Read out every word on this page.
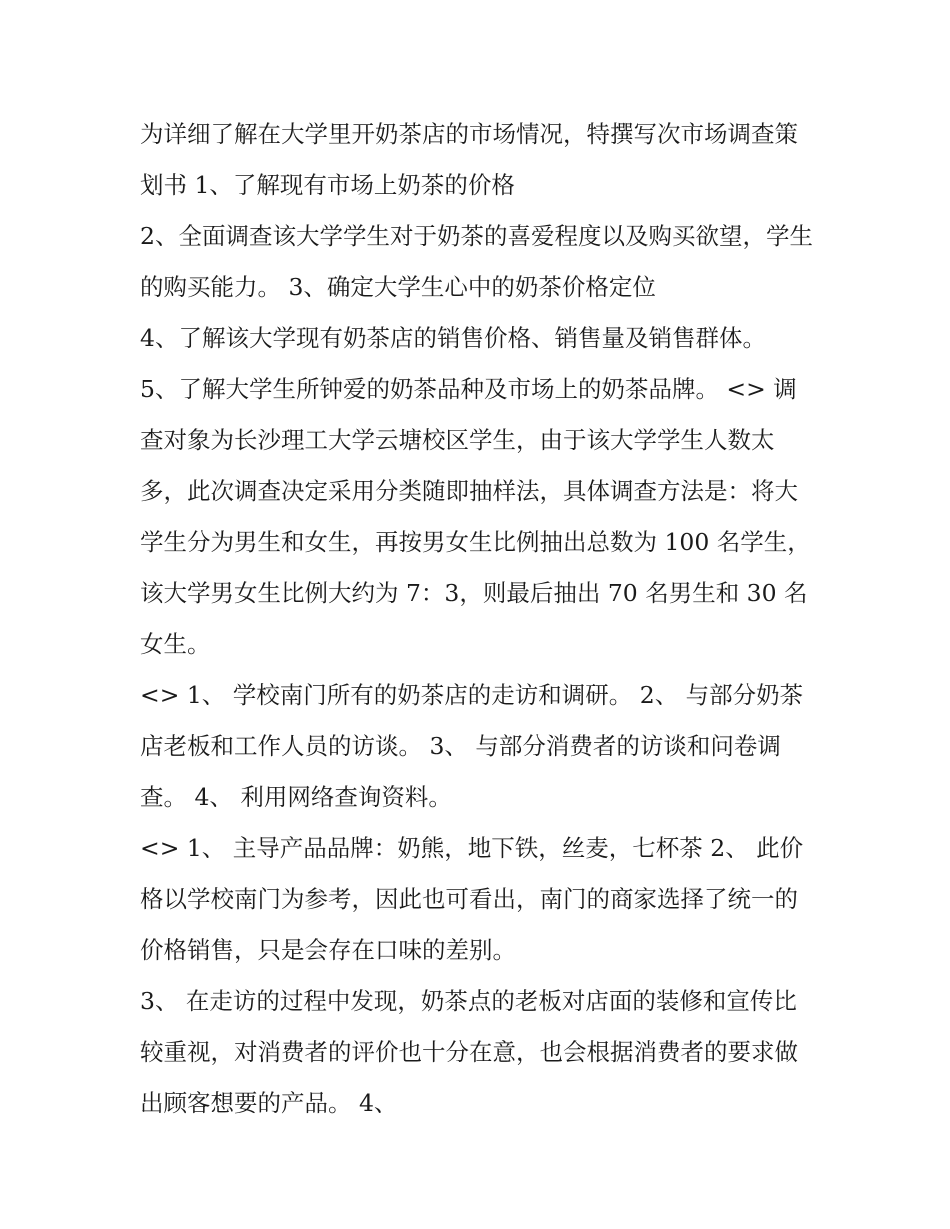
为详细了解在大学里开奶茶店的市场情况，特撰写次市场调查策划书 1、了解现有市场上奶茶的价格

2、全面调查该大学学生对于奶茶的喜爱程度以及购买欲望，学生的购买能力。 3、确定大学生心中的奶茶价格定位

4、了解该大学现有奶茶店的销售价格、销售量及销售群体。

5、了解大学生所钟爱的奶茶品种及市场上的奶茶品牌。 <> 调查对象为长沙理工大学云塘校区学生，由于该大学学生人数太多，此次调查决定采用分类随即抽样法，具体调查方法是：将大学生分为男生和女生，再按男女生比例抽出总数为 100 名学生，该大学男女生比例大约为 7：3，则最后抽出 70 名男生和 30 名女生。

<> 1、 学校南门所有的奶茶店的走访和调研。 2、 与部分奶茶店老板和工作人员的访谈。 3、 与部分消费者的访谈和问卷调查。 4、 利用网络查询资料。

<> 1、 主导产品品牌：奶熊，地下铁，丝麦，七杯茶 2、 此价格以学校南门为参考，因此也可看出，南门的商家选择了统一的价格销售，只是会存在口味的差别。

3、 在走访的过程中发现，奶茶点的老板对店面的装修和宣传比较重视，对消费者的评价也十分在意，也会根据消费者的要求做出顾客想要的产品。 4、
